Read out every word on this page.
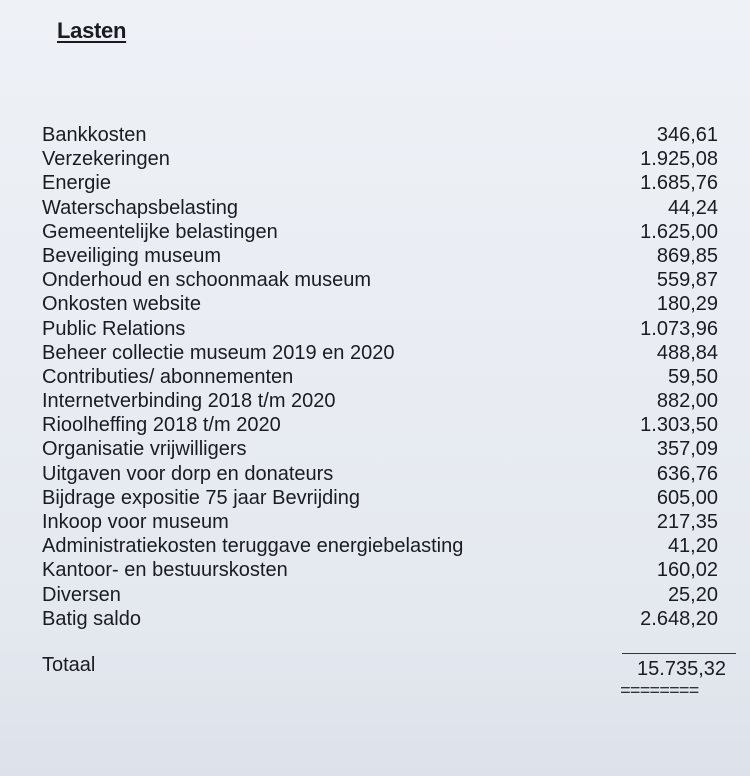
Lasten
Bankkosten	346,61
Verzekeringen	1.925,08
Energie	1.685,76
Waterschapsbelasting	44,24
Gemeentelijke belastingen	1.625,00
Beveiliging museum	869,85
Onderhoud en schoonmaak museum	559,87
Onkosten website	180,29
Public Relations	1.073,96
Beheer collectie museum 2019 en 2020	488,84
Contributies/ abonnementen	59,50
Internetverbinding 2018 t/m 2020	882,00
Rioolheffing 2018 t/m 2020	1.303,50
Organisatie vrijwilligers	357,09
Uitgaven voor dorp en donateurs	636,76
Bijdrage expositie 75 jaar Bevrijding	605,00
Inkoop voor museum	217,35
Administratiekosten teruggave energiebelasting	41,20
Kantoor- en bestuurskosten	160,02
Diversen	25,20
Batig saldo	2.648,20
Totaal	15.735,32
========
